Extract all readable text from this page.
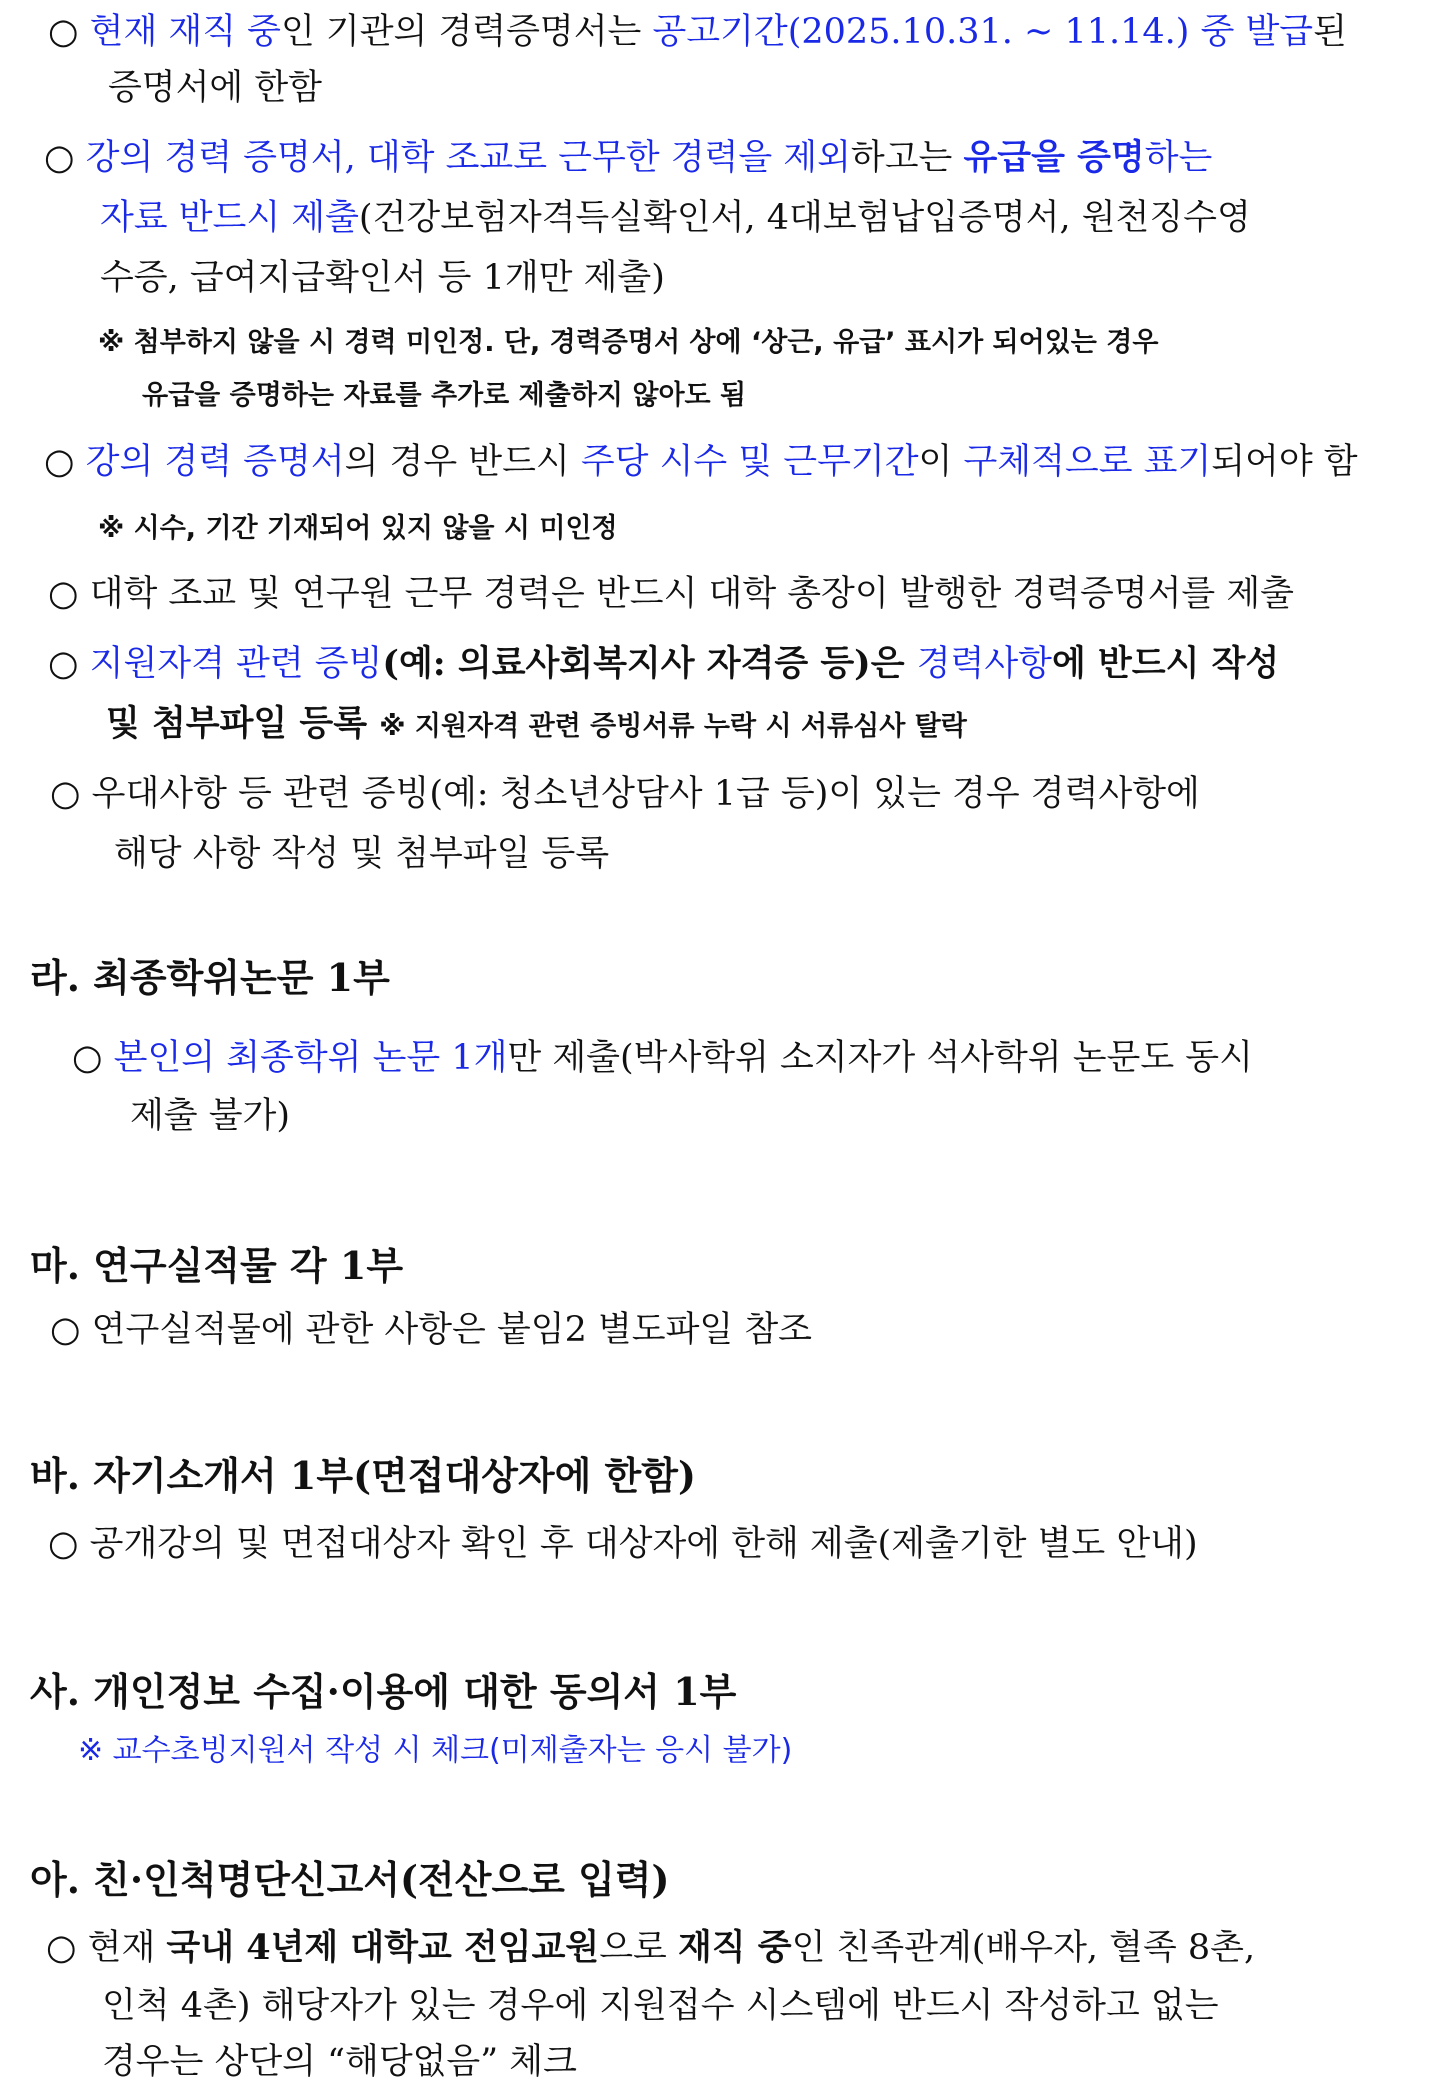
○ 현재 재직 중인 기관의 경력증명서는 공고기간(2025.10.31. ~ 11.14.) 중 발급된
증명서에 한함
○ 강의 경력 증명서, 대학 조교로 근무한 경력을 제외하고는 유급을 증명하는
자료 반드시 제출(건강보험자격득실확인서, 4대보험납입증명서, 원천징수영
수증, 급여지급확인서 등 1개만 제출)
※ 첨부하지 않을 시 경력 미인정. 단, 경력증명서 상에 ‘상근, 유급’ 표시가 되어있는 경우
유급을 증명하는 자료를 추가로 제출하지 않아도 됨
○ 강의 경력 증명서의 경우 반드시 주당 시수 및 근무기간이 구체적으로 표기되어야 함
※ 시수, 기간 기재되어 있지 않을 시 미인정
○ 대학 조교 및 연구원 근무 경력은 반드시 대학 총장이 발행한 경력증명서를 제출
○ 지원자격 관련 증빙(예: 의료사회복지사 자격증 등)은 경력사항에 반드시 작성
및 첨부파일 등록 ※ 지원자격 관련 증빙서류 누락 시 서류심사 탈락
○ 우대사항 등 관련 증빙(예: 청소년상담사 1급 등)이 있는 경우 경력사항에
해당 사항 작성 및 첨부파일 등록
라. 최종학위논문 1부
○ 본인의 최종학위 논문 1개만 제출(박사학위 소지자가 석사학위 논문도 동시
제출 불가)
마. 연구실적물 각 1부
○ 연구실적물에 관한 사항은 붙임2 별도파일 참조
바. 자기소개서 1부(면접대상자에 한함)
○ 공개강의 및 면접대상자 확인 후 대상자에 한해 제출(제출기한 별도 안내)
사. 개인정보 수집·이용에 대한 동의서 1부
※ 교수초빙지원서 작성 시 체크(미제출자는 응시 불가)
아. 친·인척명단신고서(전산으로 입력)
○ 현재 국내 4년제 대학교 전임교원으로 재직 중인 친족관계(배우자, 혈족 8촌,
인척 4촌) 해당자가 있는 경우에 지원접수 시스템에 반드시 작성하고 없는
경우는 상단의 “해당없음” 체크
